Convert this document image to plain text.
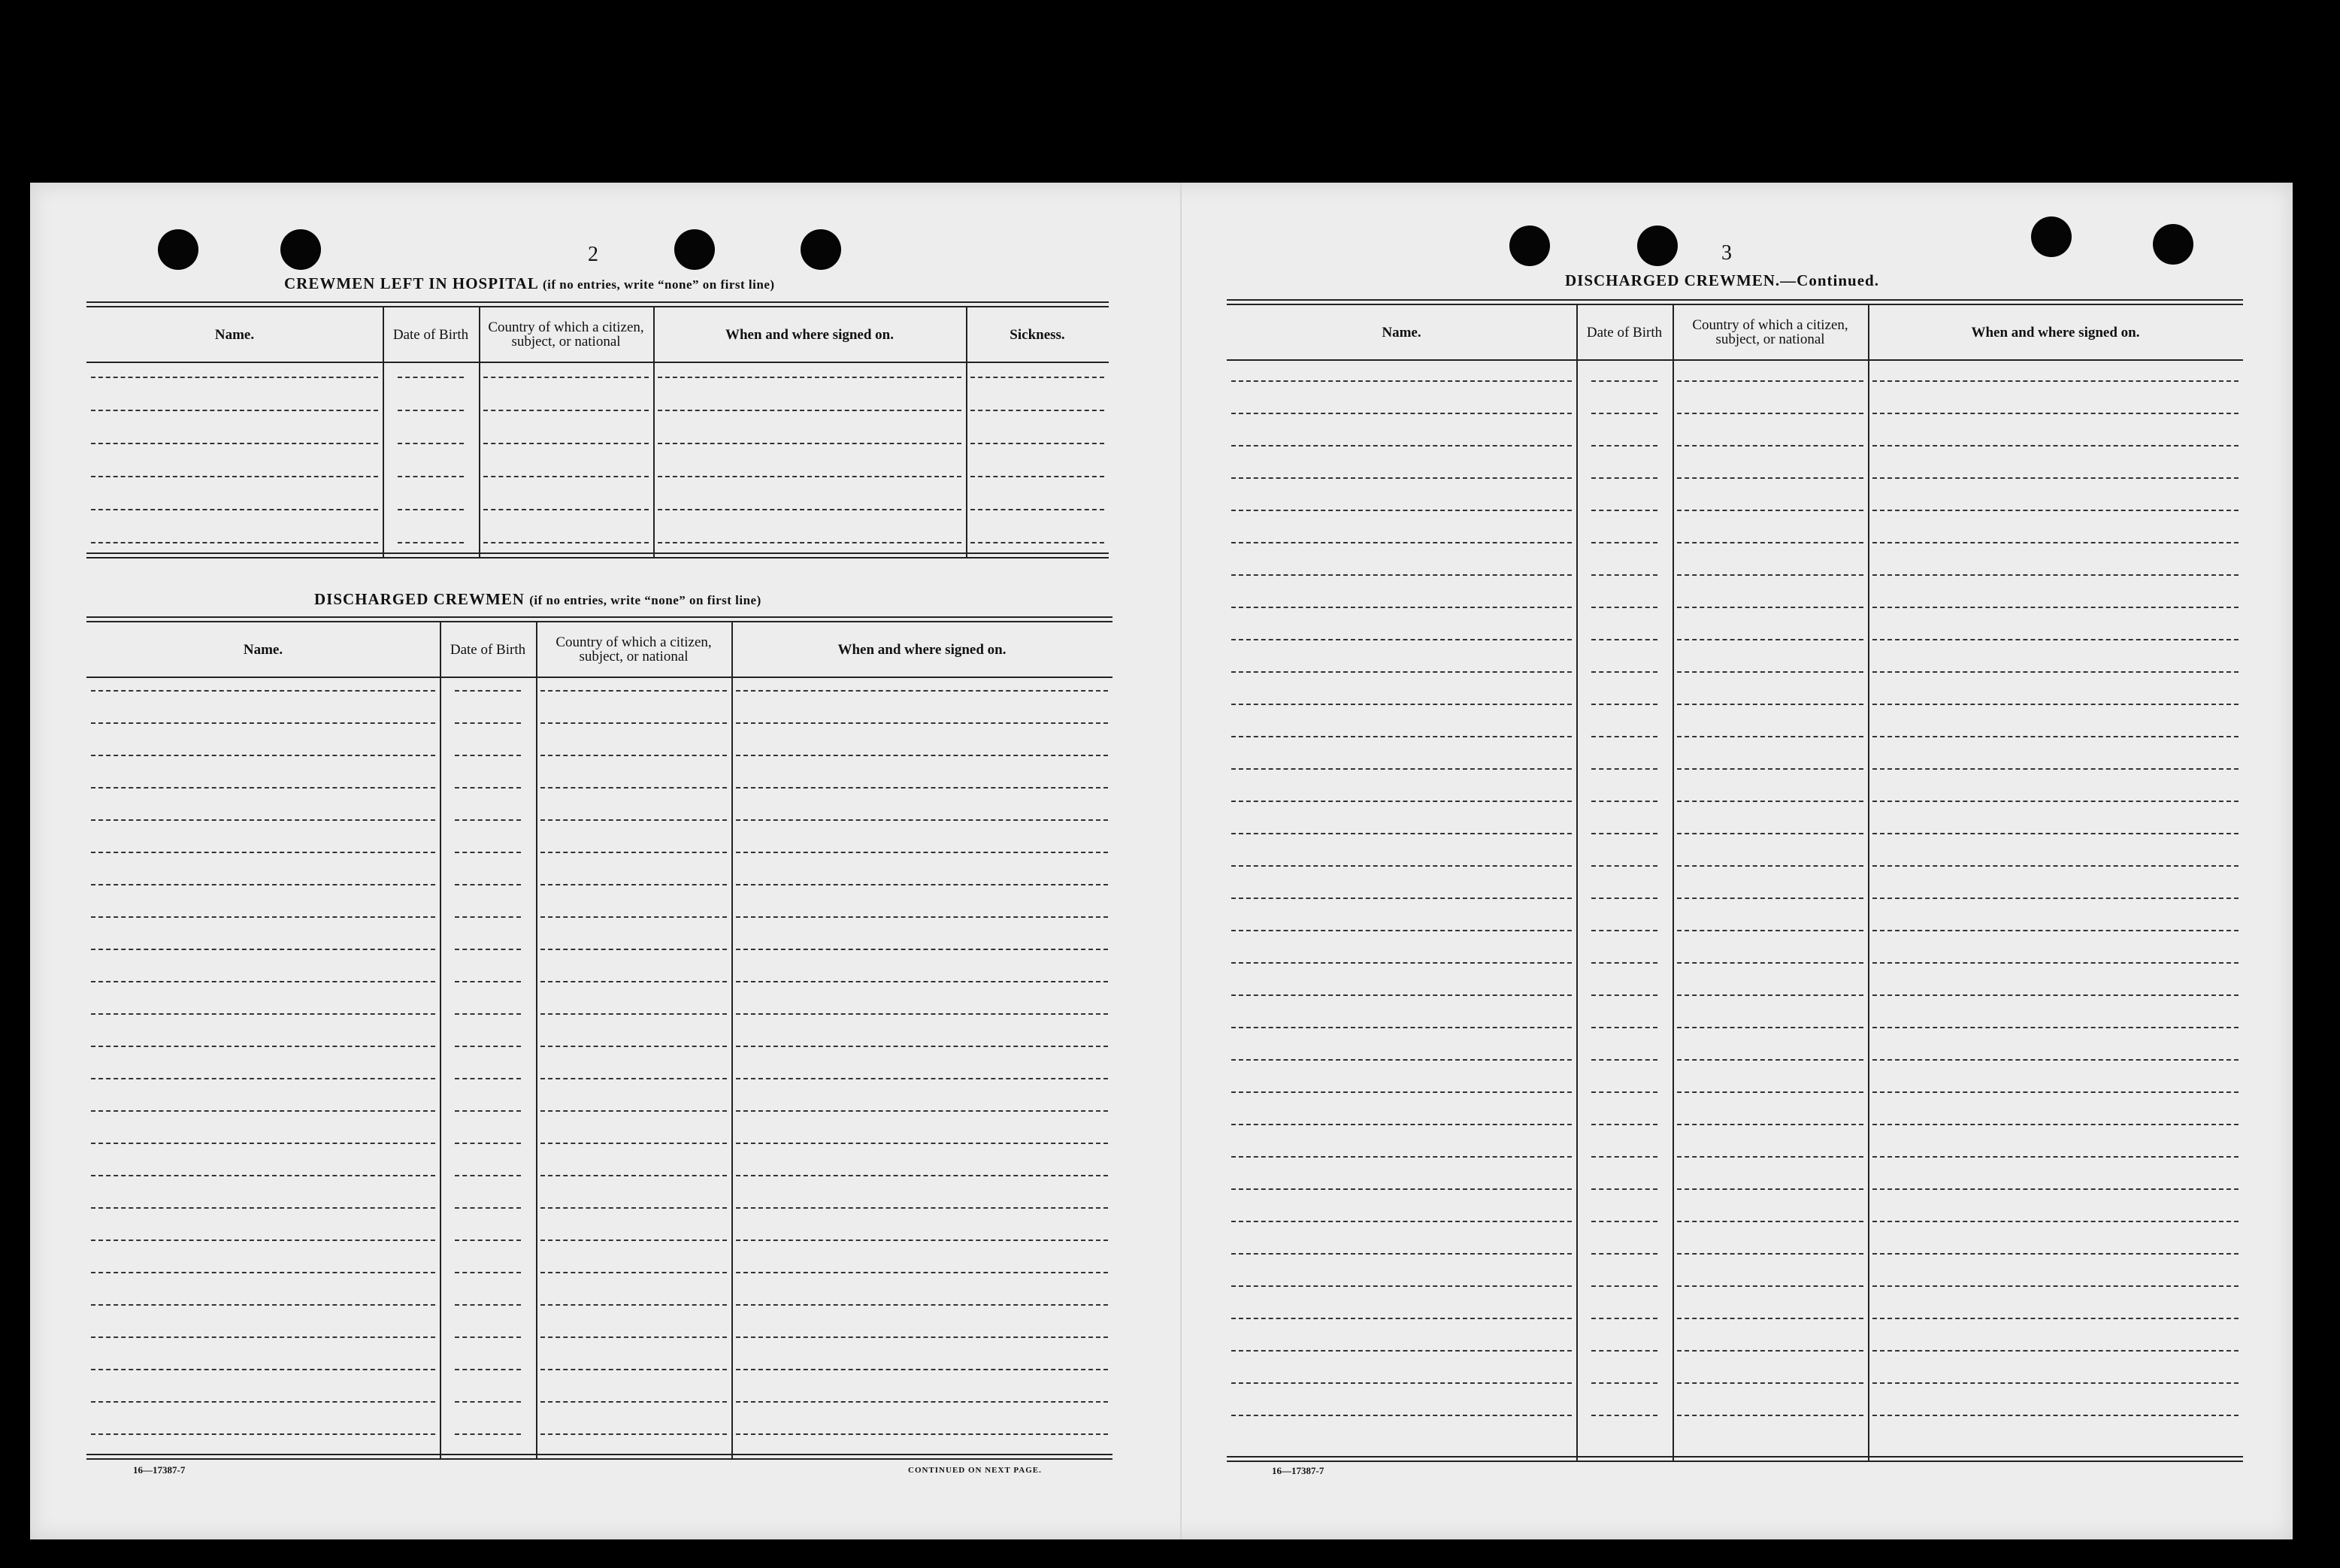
2
CREWMEN LEFT IN HOSPITAL (if no entries, write “none” on first line)
Name.	Date of Birth	Country of which a citizen, subject, or national	When and where signed on.	Sickness.
DISCHARGED CREWMEN (if no entries, write “none” on first line)
Name.	Date of Birth	Country of which a citizen, subject, or national	When and where signed on.
16—17387-7	CONTINUED ON NEXT PAGE.
3
DISCHARGED CREWMEN.—Continued.
Name.	Date of Birth	Country of which a citizen, subject, or national	When and where signed on.
16—17387-7
